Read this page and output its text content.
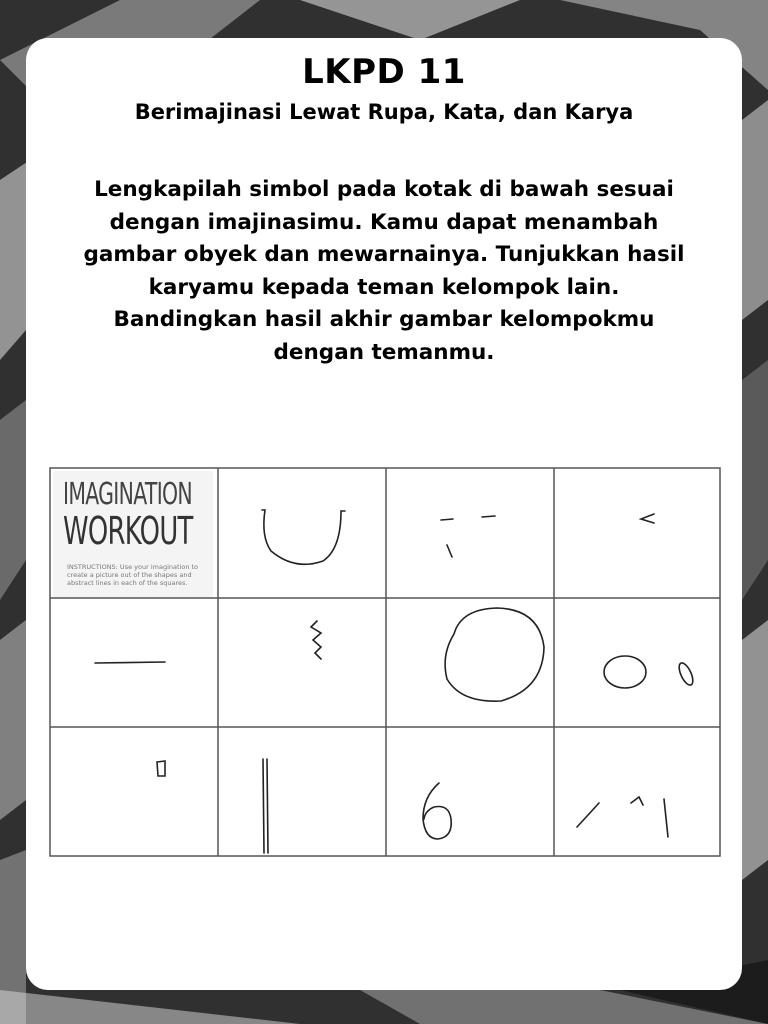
LKPD 11
Berimajinasi Lewat Rupa, Kata, dan Karya
Lengkapilah simbol pada kotak di bawah sesuai dengan imajinasimu. Kamu dapat menambah gambar obyek dan mewarnainya. Tunjukkan hasil karyamu kepada teman kelompok lain. Bandingkan hasil akhir gambar kelompokmu dengan temanmu.
IMAGINATION
WORKOUT
INSTRUCTIONS: Use your imagination to create a picture out of the shapes and abstract lines in each of the squares.
